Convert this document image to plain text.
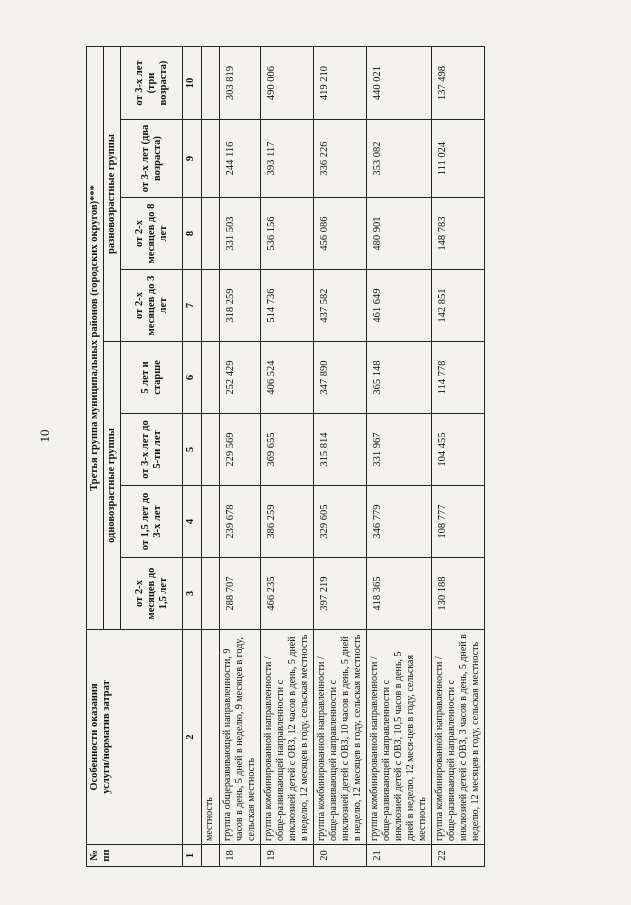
10
№
пп	Особенности оказания
услуги/норматив затрат	Третья группа муниципальных районов (городских округов)***							
		одновозрастные группы				разновозрастные группы			
		от 2-х месяцев до 1,5 лет	от 1,5 лет до 3-х лет	от 3-х лет до 5-ти лет	5 лет и старше	от 2-х месяцев до 3 лет	от 2-х месяцев до 8 лет	от 3-х лет (два возраста)	от 3-х лет (три возраста)
1	2	3	4	5	6	7	8	9	10
	местность								
18	группа общеразвивающей направленности, 9 часов в день, 5 дней в неделю, 9 месяцев в году, сельская местность	288 707	239 678	229 569	252 429	318 259	331 503	244 116	303 819
19	группа комбинированной направленности / обще-развивающей направленности с инклюзией детей с ОВЗ, 12 часов в день, 5 дней в неделю, 12 месяцев в году, сельская местность	466 235	386 259	369 655	406 524	514 736	536 156	393 117	490 006
20	группа комбинированной направленности / обще-развивающей направленности с инклюзией детей с ОВЗ, 10 часов в день, 5 дней в неделю, 12 месяцев в году, сельская местность	397 219	329 605	315 814	347 890	437 582	456 086	336 226	419 210
21	группа комбинированной направленности / обще-развивающей направленности с инклюзией детей с ОВЗ, 10,5 часов в день, 5 дней в неделю, 12 меся-цев в году, сельская местность	418 365	346 779	331 967	365 148	461 649	480 901	353 082	440 021
22	группа комбинированной направленности / обще-развивающей направленности с инклюзией детей с ОВЗ, 3 часов в день, 5 дней в неделю, 12 месяцев в году, сельская местность	130 188	108 777	104 455	114 778	142 851	148 783	111 024	137 498
